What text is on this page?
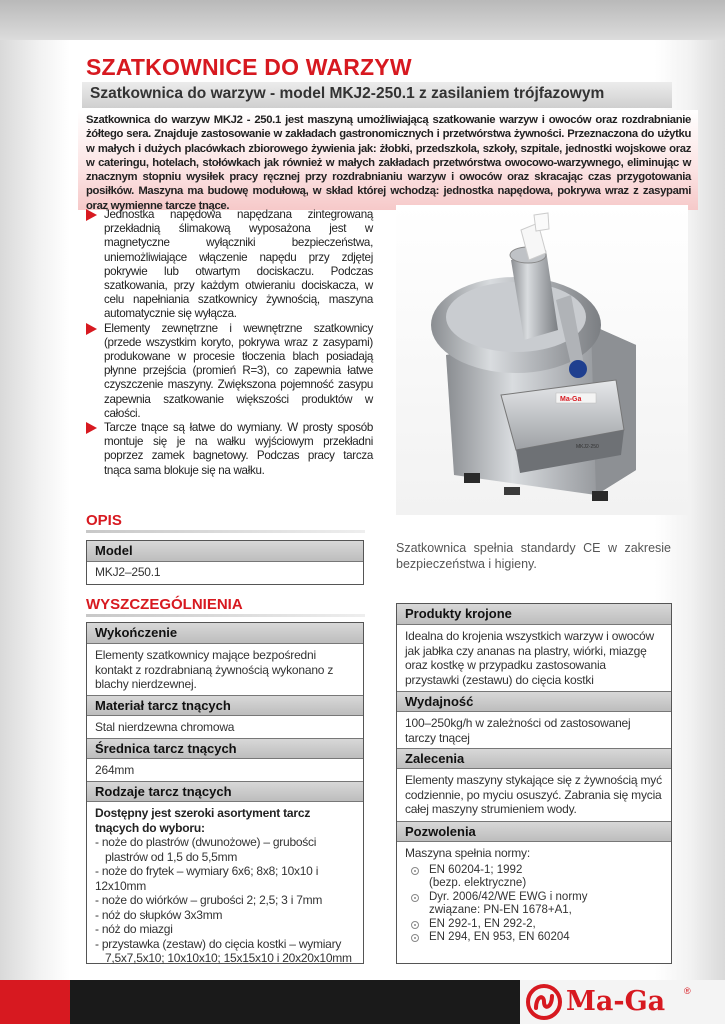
SZATKOWNICE DO WARZYW
Szatkownica do warzyw - model MKJ2-250.1 z zasilaniem trójfazowym
Szatkownica do warzyw MKJ2 - 250.1 jest maszyną umożliwiającą szatkowanie warzyw i owoców oraz rozdrabnianie żółtego sera. Znajduje zastosowanie w zakładach gastronomicznych i przetwórstwa żywności. Przeznaczona do użytku w małych i dużych placówkach zbiorowego żywienia jak: żłobki, przedszkola, szkoły, szpitale, jednostki wojskowe oraz w cateringu, hotelach, stołówkach jak również w małych zakładach przetwórstwa owocowo-warzywnego, eliminując w znacznym stopniu wysiłek pracy ręcznej przy rozdrabnianiu warzyw i owoców oraz skracając czas przygotowania posiłków. Maszyna ma budowę modułową, w skład której wchodzą: jednostka napędowa, pokrywa wraz z zasypami oraz wymienne tarcze tnące.
Jednostka napędowa napędzana zintegrowaną przekładnią ślimakową wyposażona jest w magnetyczne wyłączniki bezpieczeństwa, uniemożliwiające włączenie napędu przy zdjętej pokrywie lub otwartym dociskaczu. Podczas szatkowania, przy każdym otwieraniu dociskacza, w celu napełniania szatkownicy żywnością, maszyna automatycznie się wyłącza.
Elementy zewnętrzne i wewnętrzne szatkownicy (przede wszystkim koryto, pokrywa wraz z zasypami) produkowane w procesie tłoczenia blach posiadają płynne przejścia (promień R=3), co zapewnia łatwe czyszczenie maszyny. Zwiększona pojemność zasypu zapewnia szatkowanie większości produktów w całości.
Tarcze tnące są łatwe do wymiany. W prosty sposób montuje się je na wałku wyjściowym przekładni poprzez zamek bagnetowy. Podczas pracy tarcza tnąca sama blokuje się na wałku.
Ma-Ga
MKJ2-250
OPIS
Model
MKJ2–250.1
Szatkownica spełnia standardy CE w zakresie bezpieczeństwa i higieny.
WYSZCZEGÓLNIENIA
Wykończenie
Elementy szatkownicy mające bezpośredni kontakt z rozdrabnianą żywnością wykonano z blachy nierdzewnej.
Materiał tarcz tnących
Stal nierdzewna chromowa
Średnica tarcz tnących
264mm
Rodzaje tarcz tnących
Dostępny jest szeroki asortyment tarcz tnących do wyboru:
- noże do plastrów (dwunożowe) – grubości
plastrów od 1,5 do 5,5mm
- noże do frytek – wymiary 6x6; 8x8; 10x10 i 12x10mm
- noże do wiórków – grubości 2; 2,5; 3 i 7mm
- nóż do słupków 3x3mm
- nóż do miazgi
- przystawka (zestaw) do cięcia kostki – wymiary
7,5x7,5x10; 10x10x10; 15x15x10 i 20x20x10mm
Produkty krojone
Idealna do krojenia wszystkich warzyw i owoców jak jabłka czy ananas na plastry, wiórki, miazgę oraz kostkę w przypadku zastosowania przystawki (zestawu) do cięcia kostki
Wydajność
100–250kg/h w zależności od zastosowanej tarczy tnącej
Zalecenia
Elementy maszyny stykające się z żywnością myć codziennie, po myciu osuszyć. Zabrania się mycia całej maszyny strumieniem wody.
Pozwolenia
Maszyna spełnia normy:
EN 60204-1; 1992
(bezp. elektryczne)
Dyr. 2006/42/WE EWG i normy
związane: PN-EN 1678+A1,
EN 292-1, EN 292-2,
EN 294, EN 953, EN 60204
Ma-Ga ®
